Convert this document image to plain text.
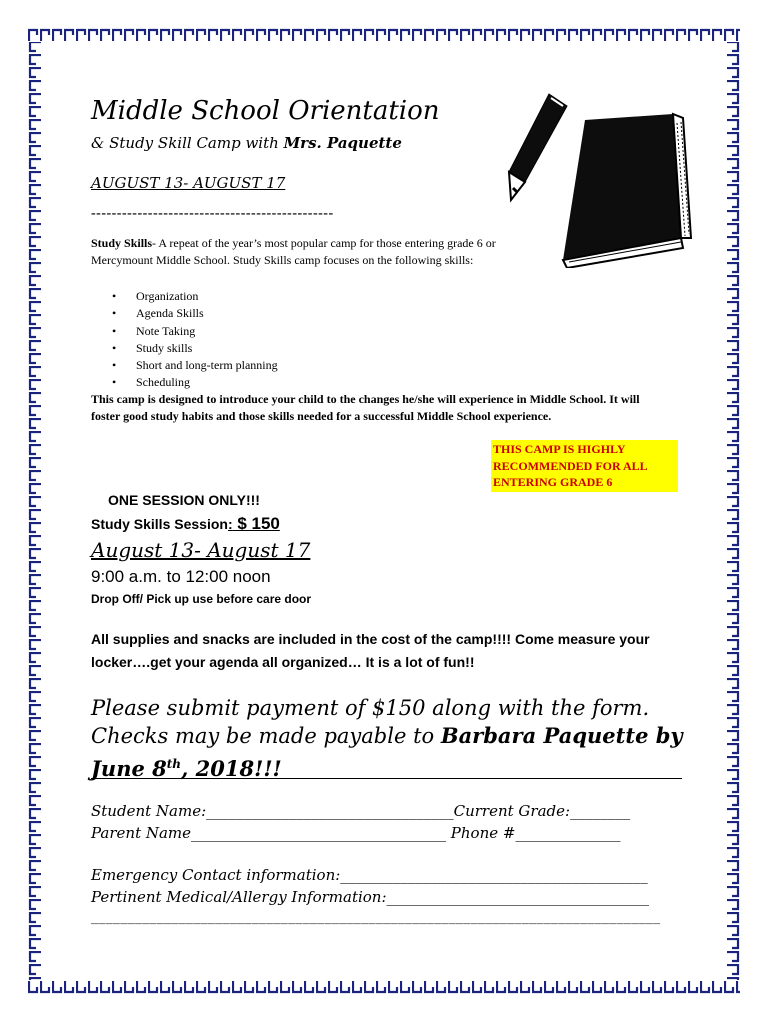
Middle School Orientation
& Study Skill Camp with Mrs. Paquette
AUGUST 13- AUGUST 17
-----------------------------------------------
Study Skills- A repeat of the year’s most popular camp for those entering grade 6 or Mercymount Middle School. Study Skills camp focuses on the following skills:
• Organization
• Agenda Skills
• Note Taking
• Study skills
• Short and long-term planning
• Scheduling
This camp is designed to introduce your child to the changes he/she will experience in Middle School. It will foster good study habits and those skills needed for a successful Middle School experience.
THIS CAMP IS HIGHLY RECOMMENDED FOR ALL ENTERING GRADE 6
ONE SESSION ONLY!!!
Study Skills Session: $ 150
August 13- August 17
9:00 a.m. to 12:00 noon
Drop Off/ Pick up use before care door
All supplies and snacks are included in the cost of the camp!!!! Come measure your locker….get your agenda all organized… It is a lot of fun!!
Please submit payment of $150 along with the form.
Checks may be made payable to Barbara Paquette by
June 8th, 2018!!!
Student Name:_________________________________Current Grade:________
Parent Name__________________________________ Phone #______________
Emergency Contact information:_________________________________________
Pertinent Medical/Allergy Information:___________________________________
______________________________________________________________________________
